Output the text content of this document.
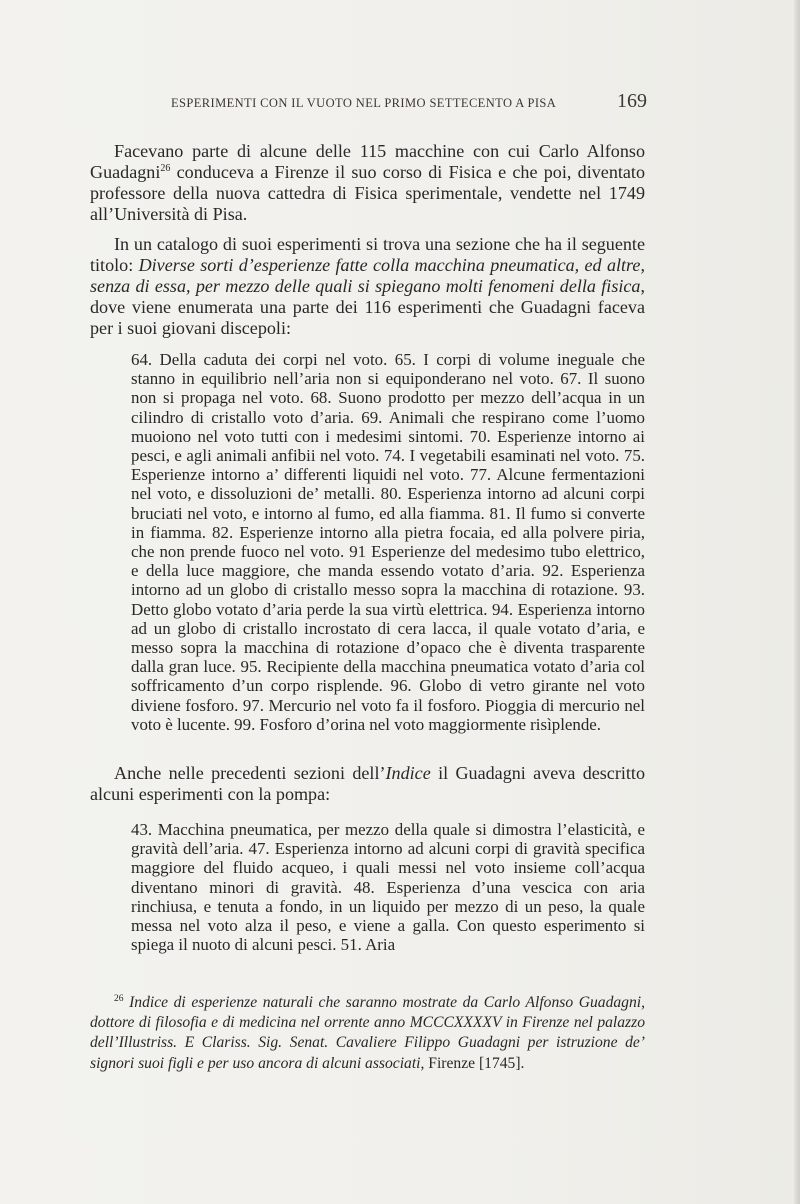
ESPERIMENTI CON IL VUOTO NEL PRIMO SETTECENTO A PISA	169

Facevano parte di alcune delle 115 macchine con cui Carlo Alfonso Guadagni$^{26}$ conduceva a Firenze il suo corso di Fisica e che poi, diventato professore della nuova cattedra di Fisica sperimentale, vendette nel 1749 all’Università di Pisa.

In un catalogo di suoi esperimenti si trova una sezione che ha il seguente titolo: Diverse sorti d’esperienze fatte colla macchina pneumatica, ed altre, senza di essa, per mezzo delle quali si spiegano molti fenomeni della fisica, dove viene enumerata una parte dei 116 esperimenti che Guadagni faceva per i suoi giovani discepoli:

64. Della caduta dei corpi nel voto. 65. I corpi di volume ineguale che stanno in equilibrio nell’aria non si equiponderano nel voto. 67. Il suono non si propaga nel voto. 68. Suono prodotto per mezzo dell’acqua in un cilindro di cristallo voto d’aria. 69. Animali che respirano come l’uomo muoiono nel voto tutti con i medesimi sintomi. 70. Esperienze intorno ai pesci, e agli animali anfibii nel voto. 74. I vegetabili esaminati nel voto. 75. Esperienze intorno a’ differenti liquidi nel voto. 77. Alcune fermentazioni nel voto, e dissoluzioni de’ metalli. 80. Esperienza intorno ad alcuni corpi bruciati nel voto, e intorno al fumo, ed alla fiamma. 81. Il fumo si converte in fiamma. 82. Esperienze intorno alla pietra focaia, ed alla polvere piria, che non prende fuoco nel voto. 91 Esperienze del medesimo tubo elettrico, e della luce maggiore, che manda essendo votato d’aria. 92. Esperienza intorno ad un globo di cristallo messo sopra la macchina di rotazione. 93. Detto globo votato d’aria perde la sua virtù elettrica. 94. Esperienza intorno ad un globo di cristallo incrostato di cera lacca, il quale votato d’aria, e messo sopra la macchina di rotazione d’opaco che è diventa trasparente dalla gran luce. 95. Recipiente della macchina pneumatica votato d’aria col soffricamento d’un corpo risplende. 96. Globo di vetro girante nel voto diviene fosforo. 97. Mercurio nel voto fa il fosforo. Pioggia di mercurio nel voto è lucente. 99. Fosforo d’orina nel voto maggiormente risìplende.

Anche nelle precedenti sezioni dell’Indice il Guadagni aveva descritto alcuni esperimenti con la pompa:

43. Macchina pneumatica, per mezzo della quale si dimostra l’elasticità, e gravità dell’aria. 47. Esperienza intorno ad alcuni corpi di gravità specifica maggiore del fluido acqueo, i quali messi nel voto insieme coll’acqua diventano minori di gravità. 48. Esperienza d’una vescica con aria rinchiusa, e tenuta a fondo, in un liquido per mezzo di un peso, la quale messa nel voto alza il peso, e viene a galla. Con questo esperimento si spiega il nuoto di alcuni pesci. 51. Aria

$^{26}$ Indice di esperienze naturali che saranno mostrate da Carlo Alfonso Guadagni, dottore di filosofia e di medicina nel orrente anno MCCCXXXXV in Firenze nel palazzo dell’Illustriss. E Clariss. Sig. Senat. Cavaliere Filippo Guadagni per istruzione de’ signori suoi figli e per uso ancora di alcuni associati, Firenze [1745].
